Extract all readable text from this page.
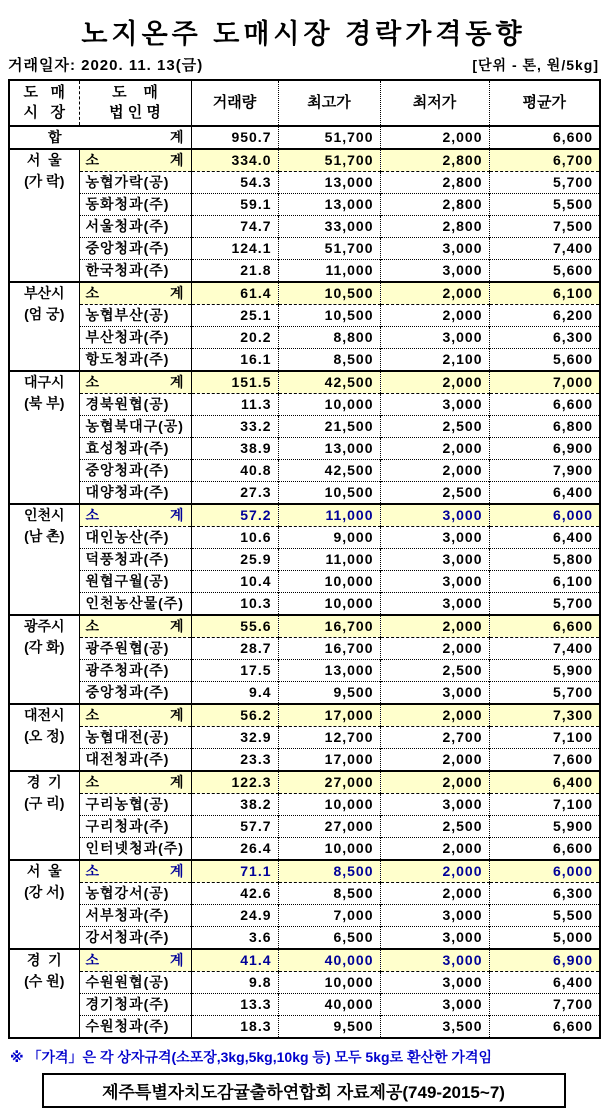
노지온주 도매시장 경락가격동향
거래일자: 2020. 11. 13(금)	[단위 - 톤, 원/5kg]
도   매
시   장

도    매
법 인 명
	거래량	최고가	최저가	평균가

합 계		950.7	51,700	2,000	6,600

서  울
(가 락)

소	계	334.0	51,700	2,800	6,700
	농협가락(공)	54.3	13,000	2,800	5,700
	동화청과(주)	59.1	13,000	2,800	5,500
	서울청과(주)	74.7	33,000	2,800	7,500
	중앙청과(주)	124.1	51,700	3,000	7,400
	한국청과(주)	21.8	11,000	3,000	5,600

부산시
(엄 궁)

소	계	61.4	10,500	2,000	6,100
	농협부산(공)	25.1	10,500	2,000	6,200
	부산청과(주)	20.2	8,800	3,000	6,300
	항도청과(주)	16.1	8,500	2,100	5,600

대구시
(북 부)

소	계	151.5	42,500	2,000	7,000
	경북원협(공)	11.3	10,000	3,000	6,600
	농협북대구(공)	33.2	21,500	2,500	6,800
	효성청과(주)	38.9	13,000	2,000	6,900
	중앙청과(주)	40.8	42,500	2,000	7,900
	대양청과(주)	27.3	10,500	2,500	6,400

인천시
(남 촌)

소	계	57.2	11,000	3,000	6,000
	대인농산(주)	10.6	9,000	3,000	6,400
	덕풍청과(주)	25.9	11,000	3,000	5,800
	원협구월(공)	10.4	10,000	3,000	6,100
	인천농산물(주)	10.3	10,000	3,000	5,700

광주시
(각 화)

소	계	55.6	16,700	2,000	6,600
	광주원협(공)	28.7	16,700	2,000	7,400
	광주청과(주)	17.5	13,000	2,500	5,900
	중앙청과(주)	9.4	9,500	3,000	5,700

대전시
(오 정)

소	계	56.2	17,000	2,000	7,300
	농협대전(공)	32.9	12,700	2,700	7,100
	대전청과(주)	23.3	17,000	2,000	7,600

경  기
(구 리)

소	계	122.3	27,000	2,000	6,400
	구리농협(공)	38.2	10,000	3,000	7,100
	구리청과(주)	57.7	27,000	2,500	5,900
	인터넷청과(주)	26.4	10,000	2,000	6,600

서  울
(강 서)

소	계	71.1	8,500	2,000	6,000
	농협강서(공)	42.6	8,500	2,000	6,300
	서부청과(주)	24.9	7,000	3,000	5,500
	강서청과(주)	3.6	6,500	3,000	5,000

경  기
(수 원)

소	계	41.4	40,000	3,000	6,900
	수원원협(공)	9.8	10,000	3,000	6,400
	경기청과(주)	13.3	40,000	3,000	7,700
	수원청과(주)	18.3	9,500	3,500	6,600
※ 「가격」은 각 상자규격(소포장,3kg,5kg,10kg 등) 모두 5kg로 환산한 가격임
제주특별자치도감귤출하연합회 자료제공(749-2015~7)
